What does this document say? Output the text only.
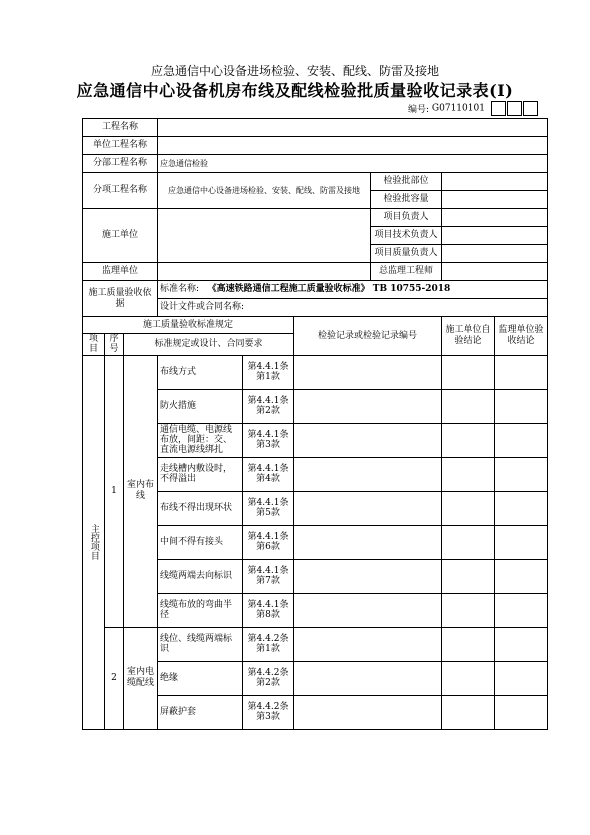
应急通信中心设备进场检验、安装、配线、防雷及接地
应急通信中心设备机房布线及配线检验批质量验收记录表(Ⅰ)
编号: G07110101
工程名称								
单位工程名称								
分部工程名称			应急通信检验					
分项工程名称			应急通信中心设备进场检验、安装、配线、防雷及接地			检验批部位		
						检验批容量		
施工单位						项目负责人		
						项目技术负责人		
						项目质量负责人		
监理单位						总监理工程师		
施工质量验收依据			标准名称: 《高速铁路通信工程施工质量验收标准》 TB 10755-2018					
			设计文件或合同名称:					
施工质量验收标准规定					检验记录或检验记录编号		施工单位自验结论	监理单位验收结论
项目	序号	标准规定或设计、合同要求						
主控项目	1	室内布线	布线方式	第4.4.1条第1款				
			防火措施	第4.4.1条第2款				
			通信电缆、电源线布放，间距：交、直流电源线绑扎	第4.4.1条第3款				
			走线槽内敷设时，不得溢出	第4.4.1条第4款				
			布线不得出现环状	第4.4.1条第5款				
			中间不得有接头	第4.4.1条第6款				
			线缆两端去向标识	第4.4.1条第7款				
			线缆布放的弯曲半径	第4.4.1条第8款				
	2	室内电缆配线	线位、线缆两端标识	第4.4.2条第1款				
			绝缘	第4.4.2条第2款				
			屏蔽护套	第4.4.2条第3款				
